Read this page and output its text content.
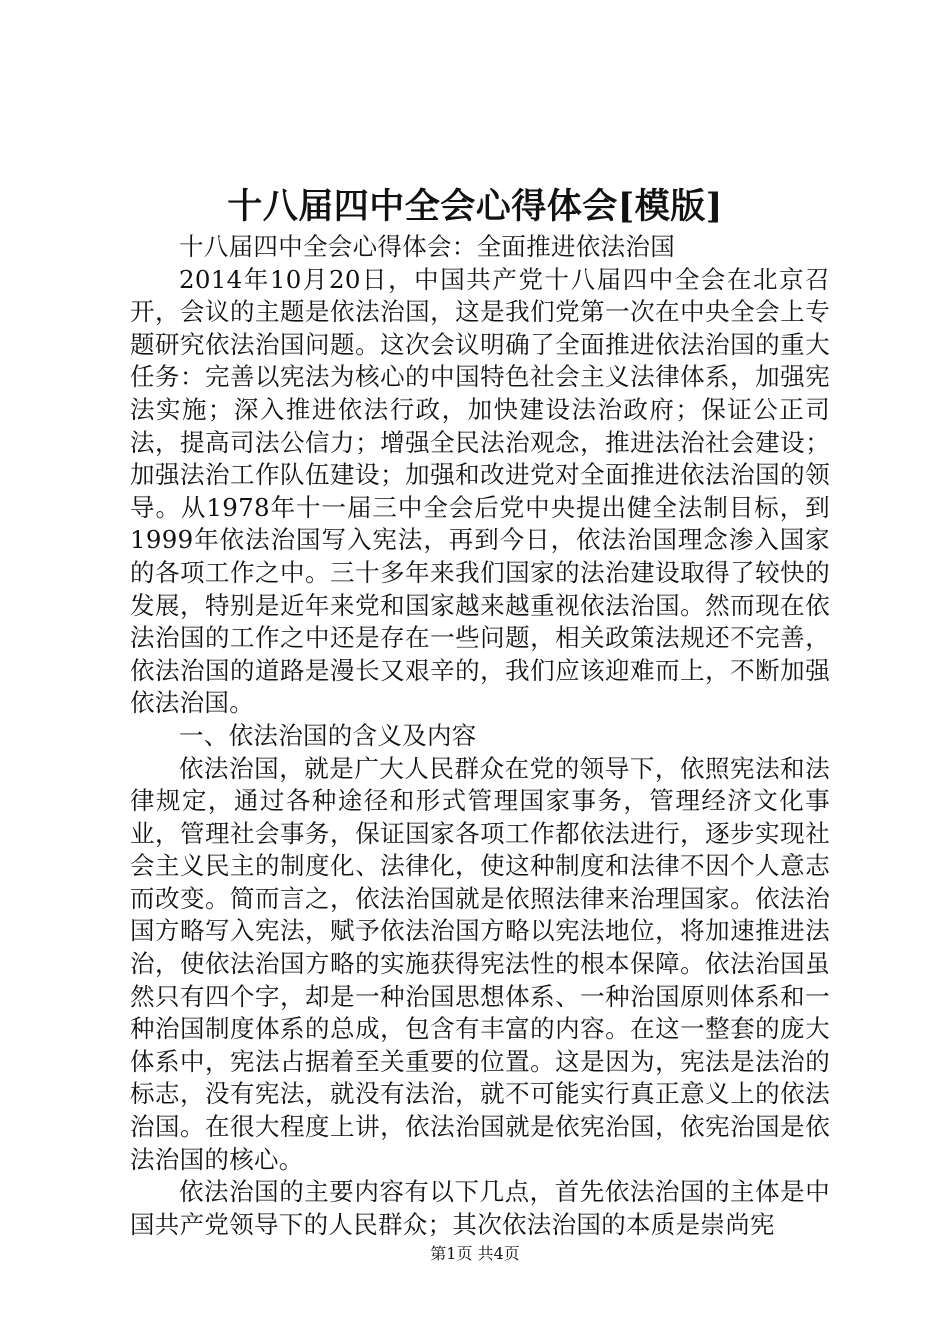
十八届四中全会心得体会[模版]

十八届四中全会心得体会：全面推进依法治国

2014年10月20日，中国共产党十八届四中全会在北京召开，会议的主题是依法治国，这是我们党第一次在中央全会上专题研究依法治国问题。这次会议明确了全面推进依法治国的重大任务：完善以宪法为核心的中国特色社会主义法律体系，加强宪法实施；深入推进依法行政，加快建设法治政府；保证公正司法，提高司法公信力；增强全民法治观念，推进法治社会建设；加强法治工作队伍建设；加强和改进党对全面推进依法治国的领导。从1978年十一届三中全会后党中央提出健全法制目标，到1999年依法治国写入宪法，再到今日，依法治国理念渗入国家的各项工作之中。三十多年来我们国家的法治建设取得了较快的发展，特别是近年来党和国家越来越重视依法治国。然而现在依法治国的工作之中还是存在一些问题，相关政策法规还不完善，依法治国的道路是漫长又艰辛的，我们应该迎难而上，不断加强依法治国。

一、依法治国的含义及内容

依法治国，就是广大人民群众在党的领导下，依照宪法和法律规定，通过各种途径和形式管理国家事务，管理经济文化事业，管理社会事务，保证国家各项工作都依法进行，逐步实现社会主义民主的制度化、法律化，使这种制度和法律不因个人意志而改变。简而言之，依法治国就是依照法律来治理国家。依法治国方略写入宪法，赋予依法治国方略以宪法地位，将加速推进法治，使依法治国方略的实施获得宪法性的根本保障。依法治国虽然只有四个字，却是一种治国思想体系、一种治国原则体系和一种治国制度体系的总成，包含有丰富的内容。在这一整套的庞大体系中，宪法占据着至关重要的位置。这是因为，宪法是法治的标志，没有宪法，就没有法治，就不可能实行真正意义上的依法治国。在很大程度上讲，依法治国就是依宪治国，依宪治国是依法治国的核心。

依法治国的主要内容有以下几点，首先依法治国的主体是中国共产党领导下的人民群众；其次依法治国的本质是崇尚宪

第1页 共4页
